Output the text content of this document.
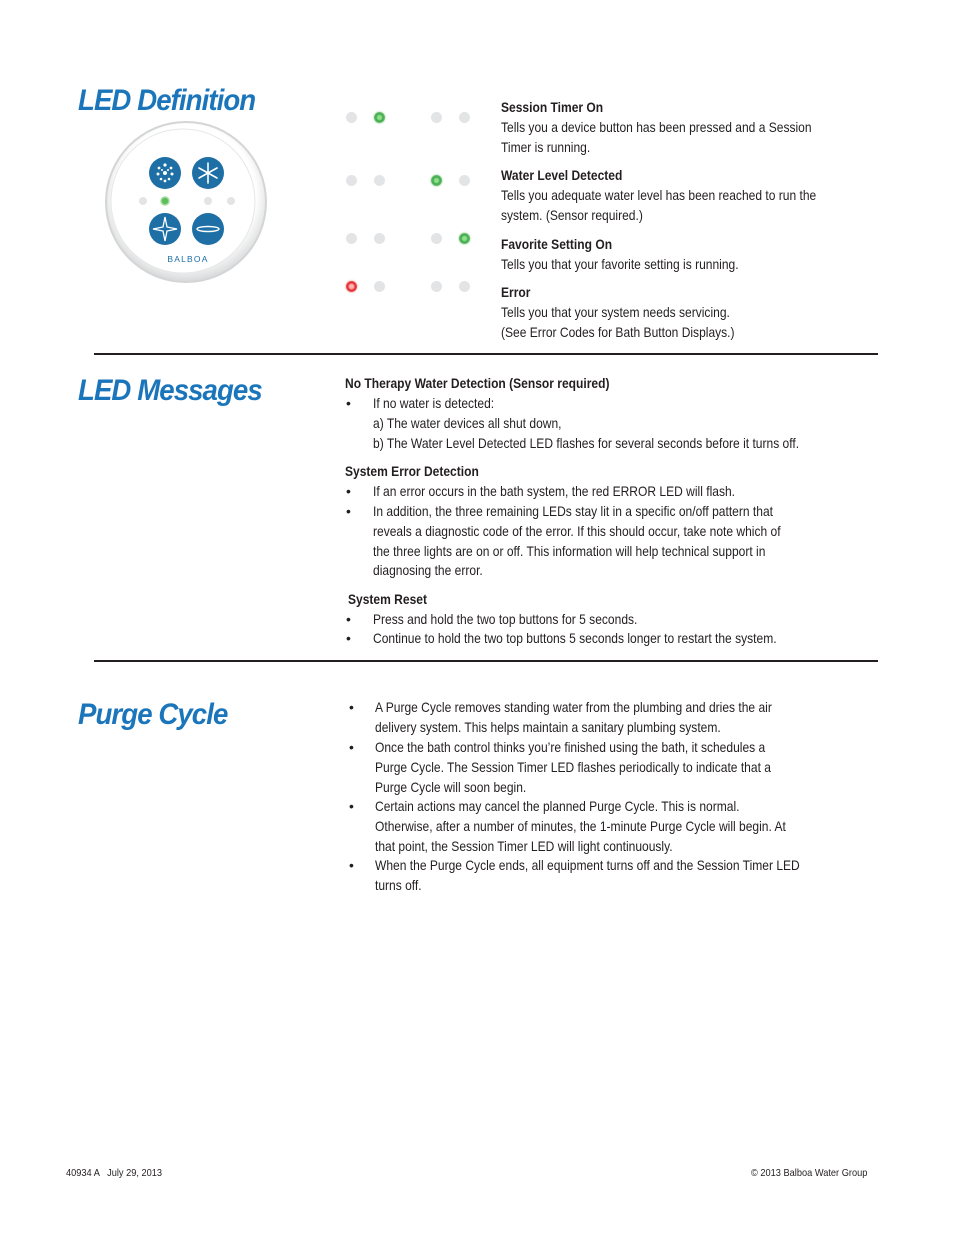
LED Definition
BALBOA
Session Timer On
Tells you a device button has been pressed and a Session
Timer is running.
Water Level Detected
Tells you adequate water level has been reached to run the
system. (Sensor required.)
Favorite Setting On
Tells you that your favorite setting is running.
Error
Tells you that your system needs servicing.
(See Error Codes for Bath Button Displays.)
LED Messages	No Therapy Water Detection (Sensor required)
• If no water is detected:
a) The water devices all shut down,
b) The Water Level Detected LED flashes for several seconds before it turns off.
System Error Detection
• If an error occurs in the bath system, the red ERROR LED will flash.
• In addition, the three remaining LEDs stay lit in a specific on/off pattern that
reveals a diagnostic code of the error. If this should occur, take note which of
the three lights are on or off. This information will help technical support in
diagnosing the error.
System Reset
• Press and hold the two top buttons for 5 seconds.
• Continue to hold the two top buttons 5 seconds longer to restart the system.
Purge Cycle	• A Purge Cycle removes standing water from the plumbing and dries the air
delivery system. This helps maintain a sanitary plumbing system.
• Once the bath control thinks you’re finished using the bath, it schedules a
Purge Cycle. The Session Timer LED flashes periodically to indicate that a
Purge Cycle will soon begin.
• Certain actions may cancel the planned Purge Cycle. This is normal.
Otherwise, after a number of minutes, the 1-minute Purge Cycle will begin. At
that point, the Session Timer LED will light continuously.
• When the Purge Cycle ends, all equipment turns off and the Session Timer LED
turns off.
40934 A   July 29, 2013	© 2013 Balboa Water Group
